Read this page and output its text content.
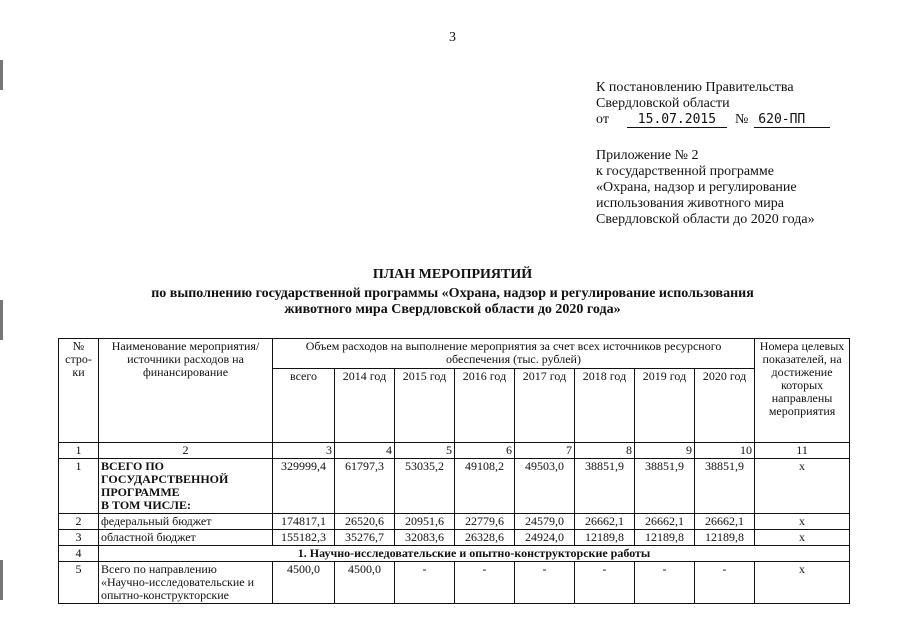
3
К постановлению Правительства
Свердловской области
от 15.07.2015 № 620-ПП
Приложение № 2
к государственной программе
«Охрана, надзор и регулирование
использования животного мира
Свердловской области до 2020 года»
ПЛАН МЕРОПРИЯТИЙ
по выполнению государственной программы «Охрана, надзор и регулирование использования
животного мира Свердловской области до 2020 года»
№ стро- ки	Наименование мероприятия/ источники расходов на финансирование	Объем расходов на выполнение мероприятия за счет всех источников ресурсного обеспечения (тыс. рублей)								Номера целевых показателей, на достижение которых направлены мероприятия
		всего	2014 год	2015 год	2016 год	2017 год	2018 год	2019 год	2020 год	
1	2	3	4	5	6	7	8	9	10	11
1	ВСЕГО ПО
ГОСУДАРСТВЕННОЙ
ПРОГРАММЕ
В ТОМ ЧИСЛЕ:	329999,4	61797,3	53035,2	49108,2	49503,0	38851,9	38851,9	38851,9	x
2	федеральный бюджет	174817,1	26520,6	20951,6	22779,6	24579,0	26662,1	26662,1	26662,1	x
3	областной бюджет	155182,3	35276,7	32083,6	26328,6	24924,0	12189,8	12189,8	12189,8	x
4	1. Научно-исследовательские и опытно-конструкторские работы									
5	Всего по направлению
«Научно-исследовательские и
опытно-конструкторские	4500,0	4500,0	-	-	-	-	-	-	x
